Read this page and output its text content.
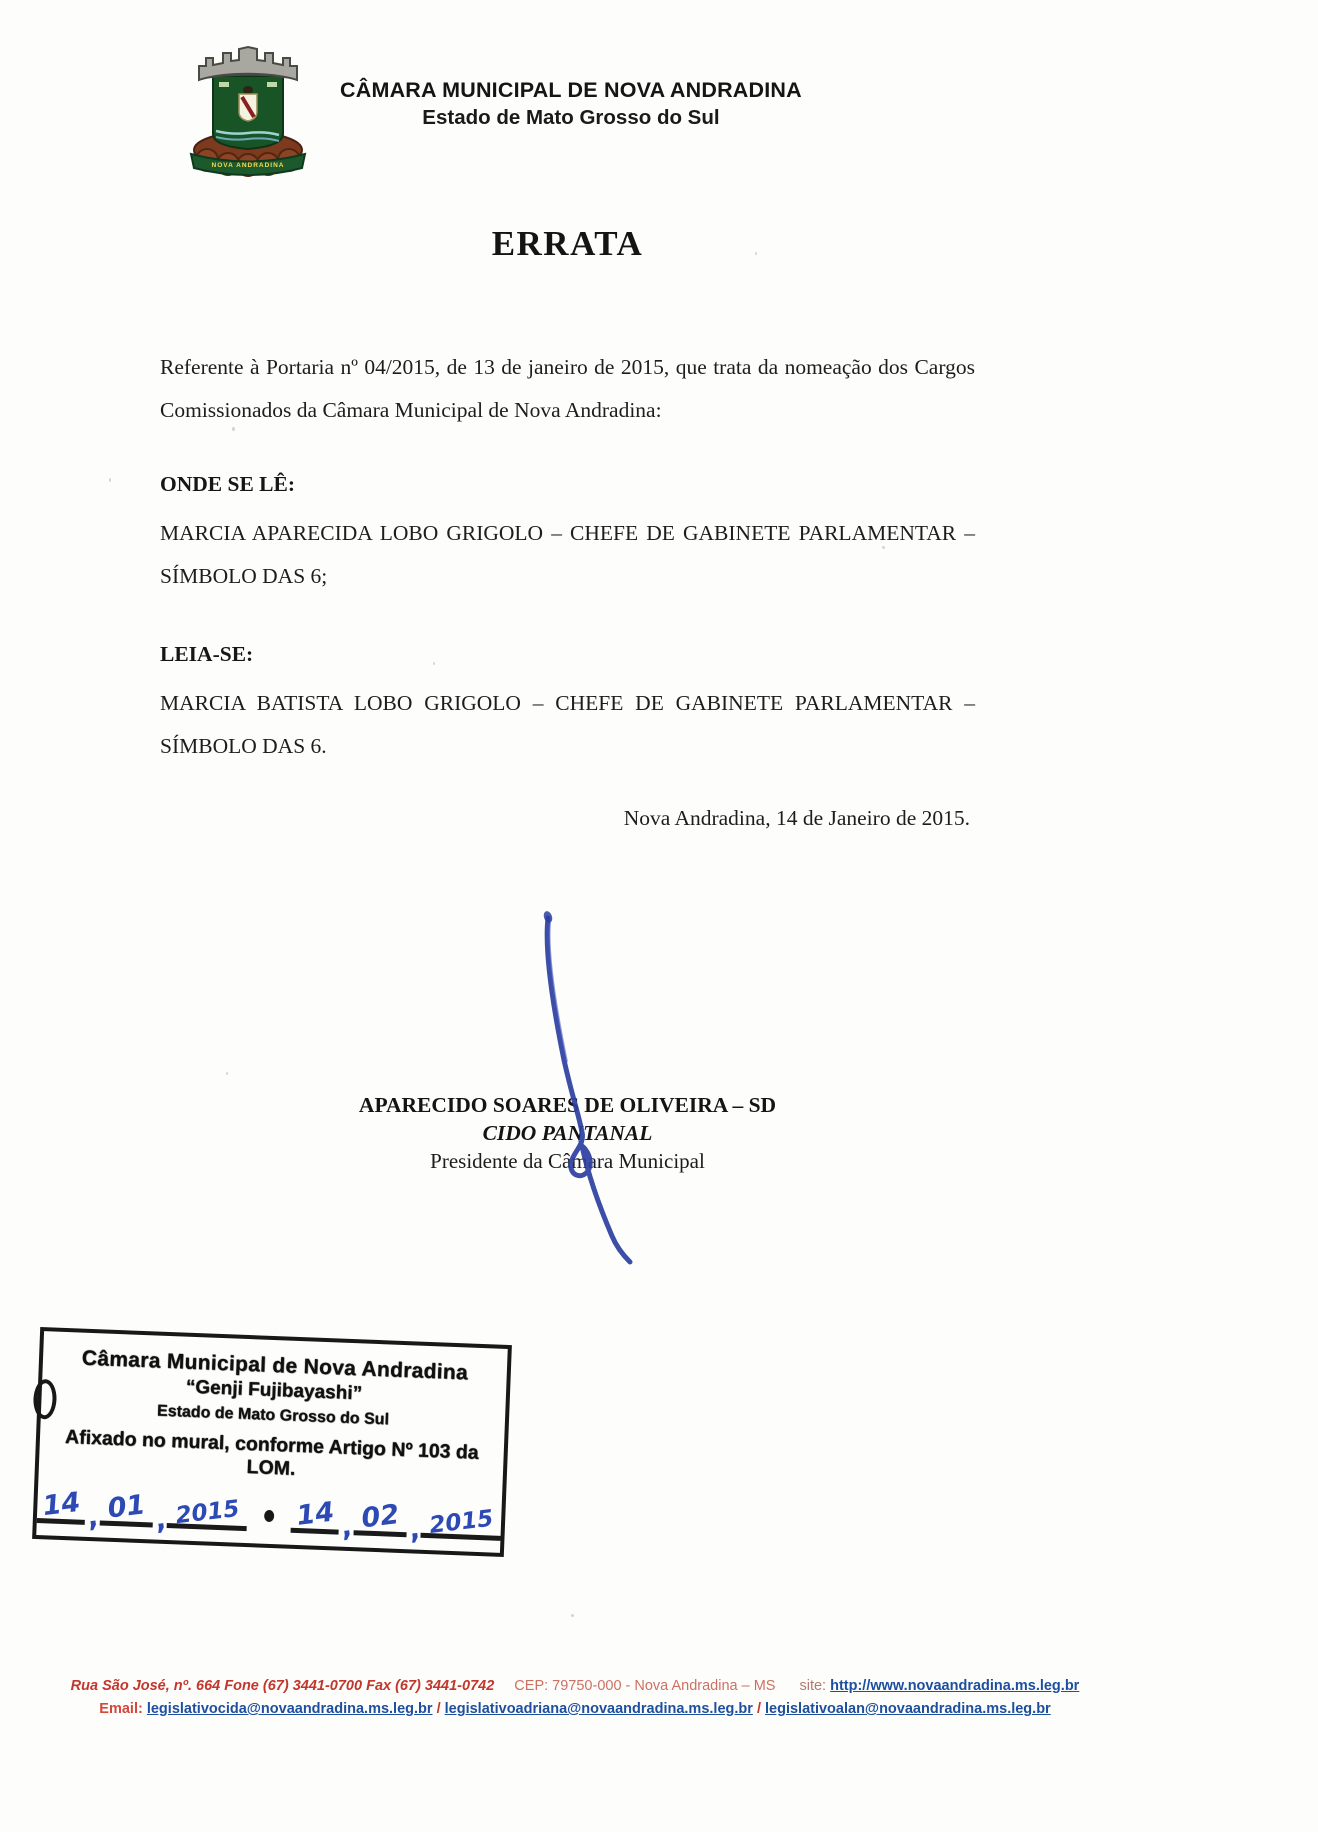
NOVA ANDRADINA
CÂMARA MUNICIPAL DE NOVA ANDRADINA
Estado de Mato Grosso do Sul
ERRATA

Referente à Portaria nº 04/2015, de 13 de janeiro de 2015, que trata da nomeação dos Cargos Comissionados da Câmara Municipal de Nova Andradina:

ONDE SE LÊ:

MARCIA APARECIDA LOBO GRIGOLO – CHEFE DE GABINETE PARLAMENTAR – SÍMBOLO DAS 6;

LEIA-SE:

MARCIA BATISTA LOBO GRIGOLO – CHEFE DE GABINETE PARLAMENTAR – SÍMBOLO DAS 6.

Nova Andradina, 14 de Janeiro de 2015.

APARECIDO SOARES DE OLIVEIRA – SD
CIDO PANTANAL
Presidente da Câmara Municipal
Câmara Municipal de Nova Andradina
“Genji Fujibayashi”
Estado de Mato Grosso do Sul
Afixado no mural, conforme Artigo Nº 103 da LOM.
14 , 01 , 2015 14 , 02 , 2015
Rua São José, nº. 664 Fone (67) 3441-0700 Fax (67) 3441-0742 CEP: 79750-000 - Nova Andradina – MS site: http://www.novaandradina.ms.leg.br
Email: legislativocida@novaandradina.ms.leg.br / legislativoadriana@novaandradina.ms.leg.br / legislativoalan@novaandradina.ms.leg.br
